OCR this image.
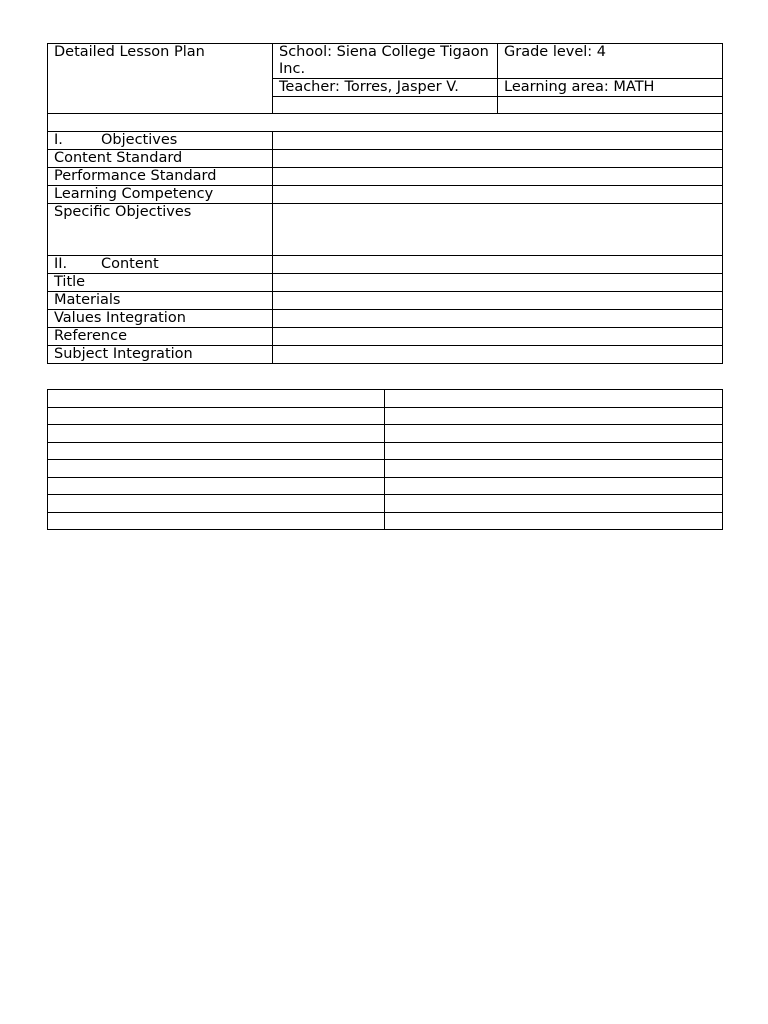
Detailed Lesson Plan	School: Siena College Tigaon Inc.	Grade level: 4
	Teacher: Torres, Jasper V.	Learning area: MATH

I. Objectives		
Content Standard		
Performance Standard		
Learning Competency		
Specific Objectives		
II. Content		
Title		
Materials		
Values Integration		
Reference		
Subject Integration		
